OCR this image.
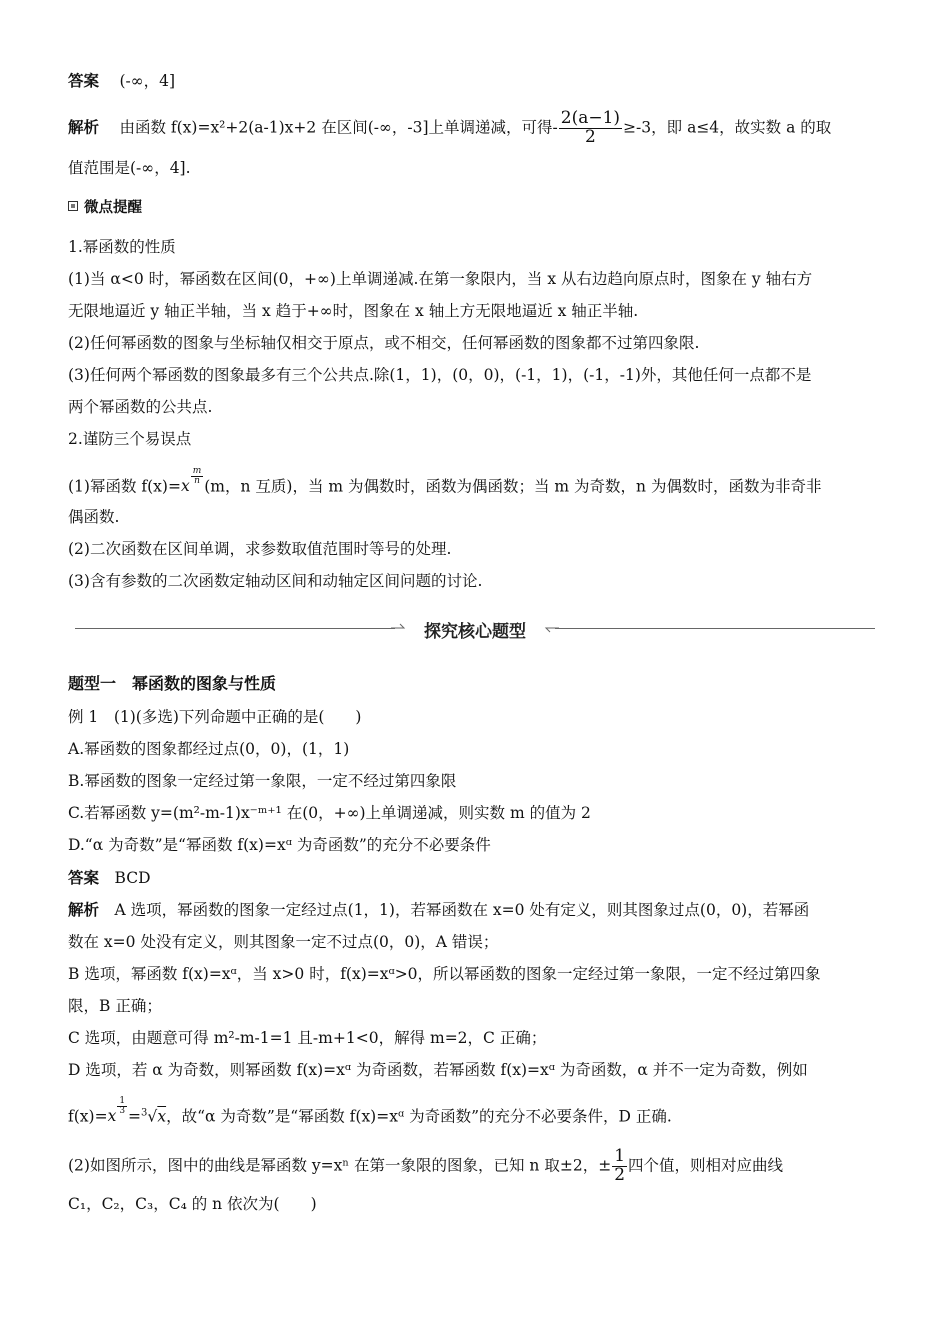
答案　 (-∞，4]
解析　 由函数 f(x)=x²+2(a-1)x+2 在区间(-∞，-3]上单调递减，可得- $\frac{2(a-1)}{2} \ge-3$，即 a≤4，故实数 a 的取
值范围是(-∞，4].
微点提醒
1.幂函数的性质
(1)当 α<0 时，幂函数在区间(0，+∞)上单调递减.在第一象限内，当 x 从右边趋向原点时，图象在 y 轴右方
无限地逼近 y 轴正半轴，当 x 趋于+∞时，图象在 x 轴上方无限地逼近 x 轴正半轴.
(2)任何幂函数的图象与坐标轴仅相交于原点，或不相交，任何幂函数的图象都不过第四象限.
(3)任何两个幂函数的图象最多有三个公共点.除(1，1)，(0，0)，(-1，1)，(-1，-1)外，其他任何一点都不是
两个幂函数的公共点.
2.谨防三个易误点
(1)幂函数 $f(x)=x \frac{m}{n} (m$，n 互质)，当 m 为偶数时，函数为偶函数；当 m 为奇数，n 为偶数时，函数为非奇非
偶函数.
(2)二次函数在区间单调，求参数取值范围时等号的处理.
(3)含有参数的二次函数定轴动区间和动轴定区间问题的讨论.
探究核心题型
题型一　幂函数的图象与性质
例 1　 (1)(多选)下列命题中正确的是(　　)
A.幂函数的图象都经过点(0，0)，(1，1)
B.幂函数的图象一定经过第一象限，一定不经过第四象限
C.若幂函数 y=(m²-m-1)x⁻ᵐ⁺¹ 在(0，+∞)上单调递减，则实数 m 的值为 2
D.“α 为奇数”是“幂函数 f(x)=xᵅ 为奇函数”的充分不必要条件
答案　 BCD
解析　 A 选项，幂函数的图象一定经过点(1，1)，若幂函数在 x=0 处有定义，则其图象过点(0，0)，若幂函
数在 x=0 处没有定义，则其图象一定不过点(0，0)，A 错误；
B 选项，幂函数 f(x)=xᵅ，当 x>0 时，f(x)=xᵅ>0，所以幂函数的图象一定经过第一象限，一定不经过第四象
限，B 正确；
C 选项，由题意可得 m²-m-1=1 且-m+1<0，解得 m=2，C 正确；
D 选项，若 α 为奇数，则幂函数 f(x)=xᵅ 为奇函数，若幂函数 f(x)=xᵅ 为奇函数，α 并不一定为奇数，例如
$f(x)=x \frac{1}{3} =^3√x$，故“α 为奇数”是“幂函数 f(x)=xᵅ 为奇函数”的充分不必要条件，D 正确.
(2)如图所示，图中的曲线是幂函数 y=xⁿ 在第一象限的图象，已知 n 取±2，± $\frac{1}{2}$ 四个值，则相对应曲线
C₁，C₂，C₃，C₄ 的 n 依次为(　　)
